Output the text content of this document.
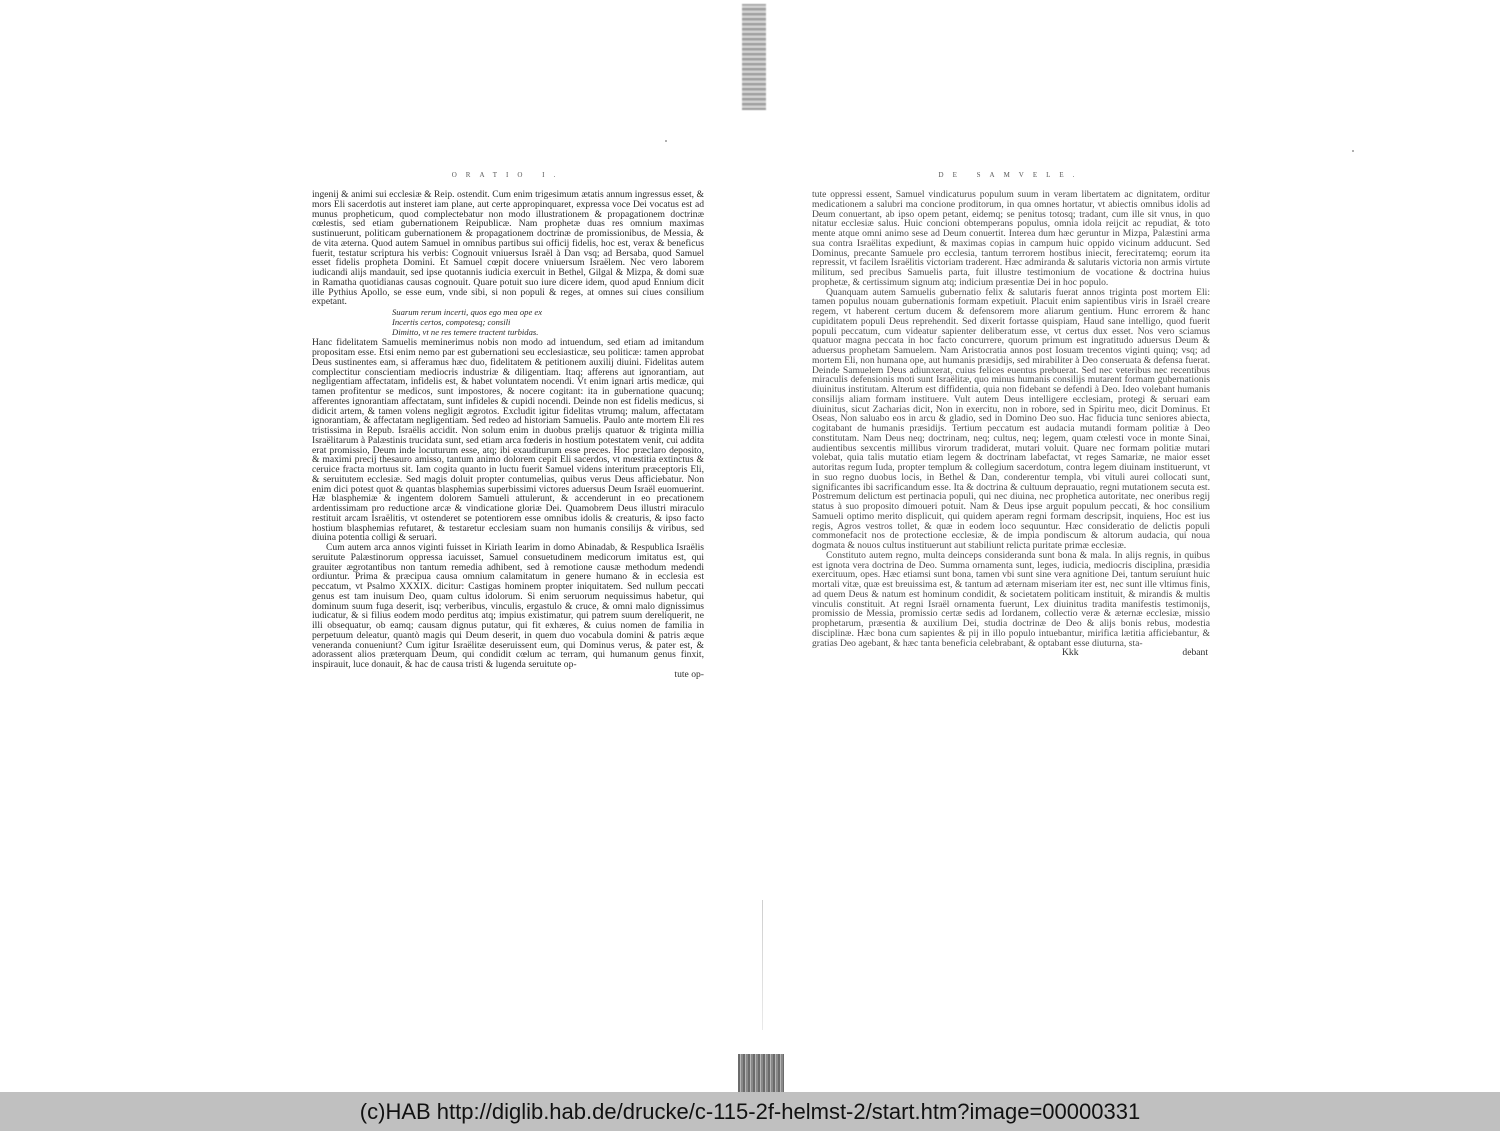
ORATIO I.

ingenij & animi sui ecclesiæ & Reip. ostendit. Cum enim trigesimum ætatis annum ingressus esset, & mors Eli sacerdotis aut insteret iam plane, aut certe appropinquaret, expressa voce Dei vocatus est ad munus propheticum, quod complectebatur non modo illustrationem & propagationem doctrinæ cœlestis, sed etiam gubernationem Reipublicæ. Nam prophetæ duas res omnium maximas sustinuerunt, politicam gubernationem & propagationem doctrinæ de promissionibus, de Messia, & de vita æterna. Quod autem Samuel in omnibus partibus sui officij fidelis, hoc est, verax & beneficus fuerit, testatur scriptura his verbis: Cognouit vniuersus Israël à Dan vsq; ad Bersaba, quod Samuel esset fidelis propheta Domini. Et Samuel cœpit docere vniuersum Israëlem. Nec vero laborem iudicandi alijs mandauit, sed ipse quotannis iudicia exercuit in Bethel, Gilgal & Mizpa, & domi suæ in Ramatha quotidianas causas cognouit. Quare potuit suo iure dicere idem, quod apud Ennium dicit ille Pythius Apollo, se esse eum, vnde sibi, si non populi & reges, at omnes sui ciues consilium expetant.

Suarum rerum incerti, quos ego mea ope ex
Incertis certos, compotesq; consili
Dimitto, vt ne res temere tractent turbidas.

Hanc fidelitatem Samuelis meminerimus nobis non modo ad intuendum, sed etiam ad imitandum propositam esse. Etsi enim nemo par est gubernationi seu ecclesiasticæ, seu politicæ: tamen approbat Deus sustinentes eam, si afferamus hæc duo, fidelitatem & petitionem auxilij diuini. Fidelitas autem complectitur conscientiam mediocris industriæ & diligentiam. Itaq; afferens aut ignorantiam, aut negligentiam affectatam, infidelis est, & habet voluntatem nocendi. Vt enim ignari artis medicæ, qui tamen profitentur se medicos, sunt impostores, & nocere cogitant: ita in gubernatione quacunq; afferentes ignorantiam affectatam, sunt infideles & cupidi nocendi. Deinde non est fidelis medicus, si didicit artem, & tamen volens negligit ægrotos. Excludit igitur fidelitas vtrumq; malum, affectatam ignorantiam, & affectatam negligentiam. Sed redeo ad historiam Samuelis. Paulo ante mortem Eli res tristissima in Repub. Israëlis accidit. Non solum enim in duobus prælijs quatuor & triginta millia Israëlitarum à Palæstinis trucidata sunt, sed etiam arca fœderis in hostium potestatem venit, cui addita erat promissio, Deum inde locuturum esse, atq; ibi exauditurum esse preces. Hoc præclaro deposito, & maximi precij thesauro amisso, tantum animo dolorem cepit Eli sacerdos, vt mœstitia extinctus & ceruice fracta mortuus sit. Iam cogita quanto in luctu fuerit Samuel videns interitum præceptoris Eli, & seruitutem ecclesiæ. Sed magis doluit propter contumelias, quibus verus Deus afficiebatur. Non enim dici potest quot & quantas blasphemias superbissimi victores aduersus Deum Israël euomuerint. Hæ blasphemiæ & ingentem dolorem Samueli attulerunt, & accenderunt in eo precationem ardentissimam pro reductione arcæ & vindicatione gloriæ Dei. Quamobrem Deus illustri miraculo restituit arcam Israëlitis, vt ostenderet se potentiorem esse omnibus idolis & creaturis, & ipso facto hostium blasphemias refutaret, & testaretur ecclesiam suam non humanis consilijs & viribus, sed diuina potentia colligi & seruari.

Cum autem arca annos viginti fuisset in Kiriath Iearim in domo Abinadab, & Respublica Israëlis seruitute Palæstinorum oppressa iacuisset, Samuel consuetudinem medicorum imitatus est, qui grauiter ægrotantibus non tantum remedia adhibent, sed à remotione causæ methodum medendi ordiuntur. Prima & præcipua causa omnium calamitatum in genere humano & in ecclesia est peccatum, vt Psalmo XXXIX. dicitur: Castigas hominem propter iniquitatem. Sed nullum peccati genus est tam inuisum Deo, quam cultus idolorum. Si enim seruorum nequissimus habetur, qui dominum suum fuga deserit, isq; verberibus, vinculis, ergastulo & cruce, & omni malo dignissimus iudicatur, & si filius eodem modo perditus atq; impius existimatur, qui patrem suum dereliquerit, ne illi obsequatur, ob eamq; causam dignus putatur, qui fit exhæres, & cuius nomen de familia in perpetuum deleatur, quantò magis qui Deum deserit, in quem duo vocabula domini & patris æque veneranda conueniunt? Cum igitur Israëlitæ deseruissent eum, qui Dominus verus, & pater est, & adorassent alios præterquam Deum, qui condidit cœlum ac terram, qui humanum genus finxit, inspirauit, luce donauit, & hac de causa tristi & lugenda seruitute op-

tute op-
DE SAMVELE.

tute oppressi essent, Samuel vindicaturus populum suum in veram libertatem ac dignitatem, orditur medicationem a salubri ma concione proditorum, in qua omnes hortatur, vt abiectis omnibus idolis ad Deum conuertant, ab ipso opem petant, eidemq; se penitus totosq; tradant, cum ille sit vnus, in quo nitatur ecclesiæ salus. Huic concioni obtemperans populus, omnia idola reijcit ac repudiat, & toto mente atque omni animo sese ad Deum conuertit. Interea dum hæc geruntur in Mizpa, Palæstini arma sua contra Israëlitas expediunt, & maximas copias in campum huic oppido vicinum adducunt. Sed Dominus, precante Samuele pro ecclesia, tantum terrorem hostibus iniecit, fereciτatemq; eorum ita repressit, vt facilem Israëlitis victoriam traderent. Hæc admiranda & salutaris victoria non armis virtute militum, sed precibus Samuelis parta, fuit illustre testimonium de vocatione & doctrina huius prophetæ, & certissimum signum atq; indicium præsentiæ Dei in hoc populo.

Quanquam autem Samuelis gubernatio felix & salutaris fuerat annos triginta post mortem Eli: tamen populus nouam gubernationis formam expetiuit. Placuit enim sapientibus viris in Israël creare regem, vt haberent certum ducem & defensorem more aliarum gentium. Hunc errorem & hanc cupiditatem populi Deus reprehendit. Sed dixerit fortasse quispiam, Haud sane intelligo, quod fuerit populi peccatum, cum videatur sapienter deliberatum esse, vt certus dux esset. Nos vero sciamus quatuor magna peccata in hoc facto concurrere, quorum primum est ingratitudo aduersus Deum & aduersus prophetam Samuelem. Nam Aristocratia annos post Iosuam trecentos viginti quinq; vsq; ad mortem Eli, non humana ope, aut humanis præsidijs, sed mirabiliter à Deo conseruata & defensa fuerat. Deinde Samuelem Deus adiunxerat, cuius felices euentus prebuerat. Sed nec veteribus nec recentibus miraculis defensionis moti sunt Israëlitæ, quo minus humanis consilijs mutarent formam gubernationis diuinitus institutam. Alterum est diffidentia, quia non fidebant se defendi à Deo. Ideo volebant humanis consilijs aliam formam instituere. Vult autem Deus intelligere ecclesiam, protegi & seruari eam diuinitus, sicut Zacharias dicit, Non in exercitu, non in robore, sed in Spiritu meo, dicit Dominus. Et Oseas, Non saluabo eos in arcu & gladio, sed in Domino Deo suo. Hac fiducia tunc seniores abiecta, cogitabant de humanis præsidijs. Tertium peccatum est audacia mutandi formam politiæ à Deo constitutam. Nam Deus neq; doctrinam, neq; cultus, neq; legem, quam cœlesti voce in monte Sinai, audientibus sexcentis millibus virorum tradiderat, mutari voluit. Quare nec formam politiæ mutari volebat, quia talis mutatio etiam legem & doctrinam labefactat, vt reges Samariæ, ne maior esset autoritas regum Iuda, propter templum & collegium sacerdotum, contra legem diuinam instituerunt, vt in suo regno duobus locis, in Bethel & Dan, conderentur templa, vbi vituli aurei collocati sunt, significantes ibi sacrificandum esse. Ita & doctrina & cultuum deprauatio, regni mutationem secuta est. Postremum delictum est pertinacia populi, qui nec diuina, nec prophetica autoritate, nec oneribus regij status à suo proposito dimoueri potuit. Nam & Deus ipse arguit populum peccati, & hoc consilium Samueli optimo merito displicuit, qui quidem aperam regni formam descripsit, inquiens, Hoc est ius regis, Agros vestros tollet, & quæ in eodem loco sequuntur. Hæc consideratio de delictis populi commonefacit nos de protectione ecclesiæ, & de impia pondiscum & altorum audacia, qui noua dogmata & nouos cultus instituerunt aut stabiliunt relicta puritate primæ ecclesiæ.

Constituto autem regno, multa deinceps consideranda sunt bona & mala. In alijs regnis, in quibus est ignota vera doctrina de Deo. Summa ornamenta sunt, leges, iudicia, mediocris disciplina, præsidia exercituum, opes. Hæc etiamsi sunt bona, tamen vbi sunt sine vera agnitione Dei, tantum seruiunt huic mortali vitæ, quæ est breuissima est, & tantum ad æternam miseriam iter est, nec sunt ille vltimus finis, ad quem Deus & natum est hominum condidit, & societatem politicam instituit, & mirandis & multis vinculis constituit. At regni Israël ornamenta fuerunt, Lex diuinitus tradita manifestis testimonijs, promissio de Messia, promissio certæ sedis ad Iordanem, collectio veræ & æternæ ecclesiæ, missio prophetarum, præsentia & auxilium Dei, studia doctrinæ de Deo & alijs bonis rebus, modestia disciplinæ. Hæc bona cum sapientes & pij in illo populo intuebantur, mirifica lætitia afficiebantur, & gratias Deo agebant, & hæc tanta beneficia celebrabant, & optabant esse diuturna, sta-

Kkk	debant
(c)HAB http://diglib.hab.de/drucke/c-115-2f-helmst-2/start.htm?image=00000331
